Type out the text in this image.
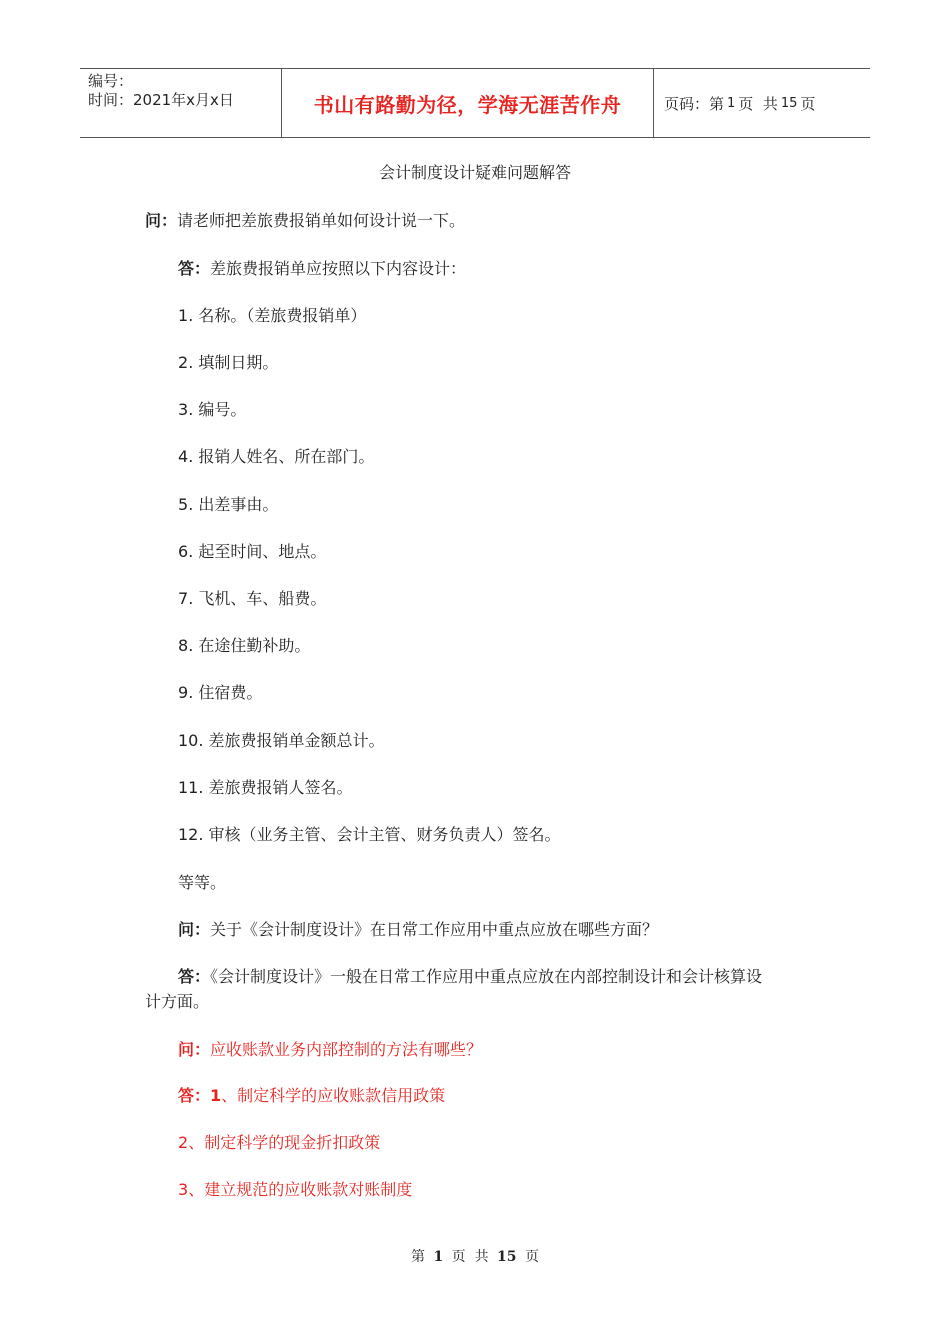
编号：
时间：2021年x月x日	书山有路勤为径，学海无涯苦作舟	页码：第 1 页  共 15 页
会计制度设计疑难问题解答
问：请老师把差旅费报销单如何设计说一下。
答：差旅费报销单应按照以下内容设计：
1. 名称。（差旅费报销单）
2. 填制日期。
3. 编号。
4. 报销人姓名、所在部门。
5. 出差事由。
6. 起至时间、地点。
7. 飞机、车、船费。
8. 在途住勤补助。
9. 住宿费。
10. 差旅费报销单金额总计。
11. 差旅费报销人签名。
12. 审核（业务主管、会计主管、财务负责人）签名。
等等。
问：关于《会计制度设计》在日常工作应用中重点应放在哪些方面？
答：《会计制度设计》一般在日常工作应用中重点应放在内部控制设计和会计核算设
计方面。
问：应收账款业务内部控制的方法有哪些？
答：1、制定科学的应收账款信用政策
2、制定科学的现金折扣政策
3、建立规范的应收账款对账制度
第 1 页  共 15 页
